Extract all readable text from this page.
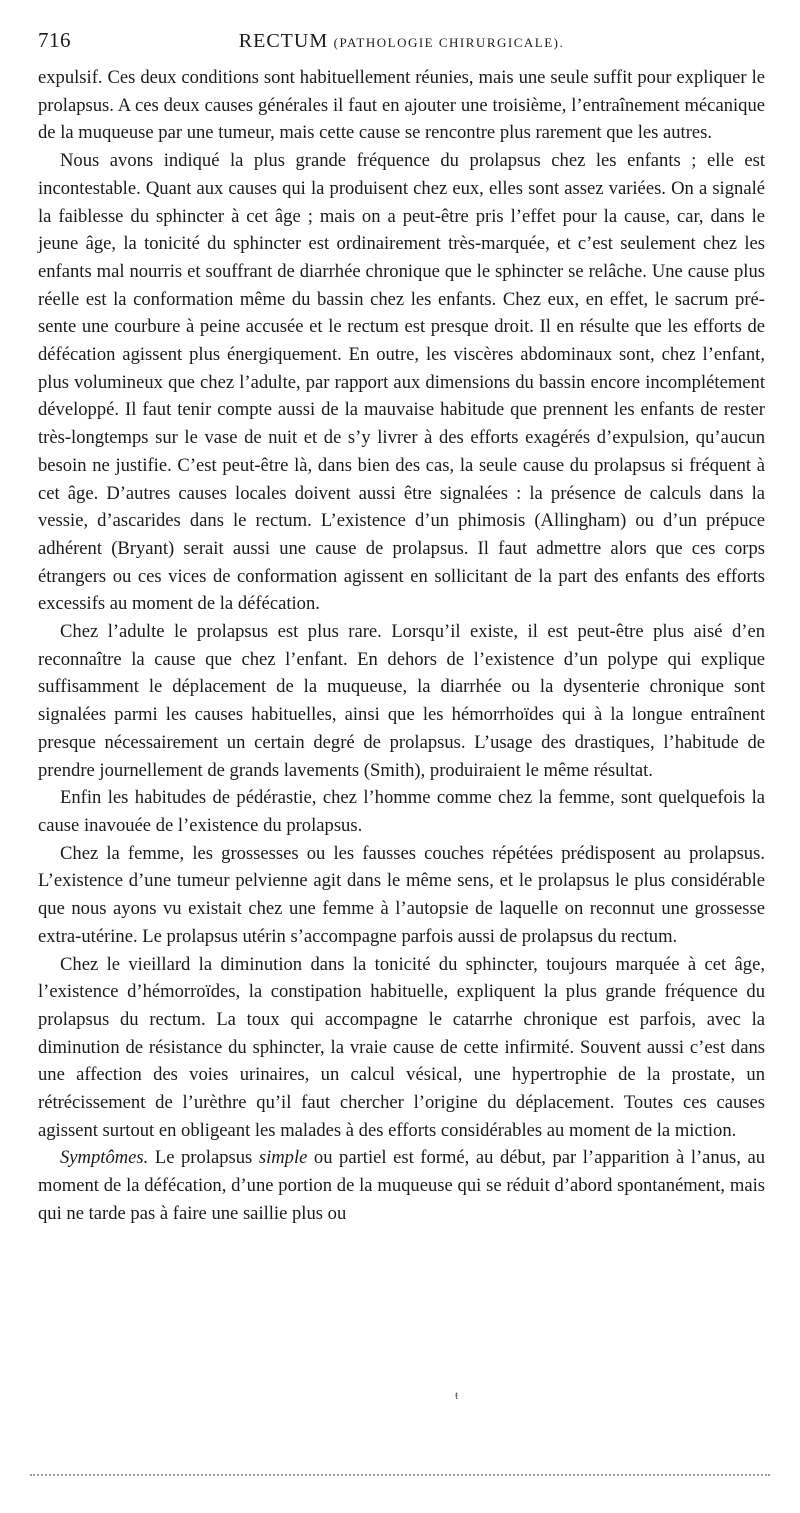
716	RECTUM (PATHOLOGIE CHIRURGICALE).

expulsif. Ces deux conditions sont habituellement réunies, mais une seule suffit pour expliquer le prolapsus. A ces deux causes générales il faut en ajouter une troisième, l’entraînement mécanique de la muqueuse par une tumeur, mais cette cause se rencontre plus rarement que les autres.

Nous avons indiqué la plus grande fréquence du prolapsus chez les enfants ; elle est incontestable. Quant aux causes qui la produisent chez eux, elles sont assez variées. On a signalé la faiblesse du sphincter à cet âge ; mais on a peut-être pris l’effet pour la cause, car, dans le jeune âge, la tonicité du sphincter est ordinairement très-marquée, et c’est seulement chez les enfants mal nourris et souffrant de diarrhée chronique que le sphincter se relâche. Une cause plus réelle est la conformation même du bassin chez les enfants. Chez eux, en effet, le sacrum présente une courbure à peine accusée et le rectum est presque droit. Il en résulte que les efforts de défécation agissent plus énergiquement. En outre, les viscères abdominaux sont, chez l’enfant, plus volumineux que chez l’adulte, par rapport aux dimensions du bassin encore incomplétement développé. Il faut tenir compte aussi de la mauvaise habitude que prennent les enfants de rester très-longtemps sur le vase de nuit et de s’y livrer à des efforts exagérés d’expulsion, qu’aucun besoin ne justifie. C’est peut-être là, dans bien des cas, la seule cause du prolapsus si fréquent à cet âge. D’autres causes locales doivent aussi être signalées : la présence de calculs dans la vessie, d’ascarides dans le rectum. L’existence d’un phimosis (Allingham) ou d’un prépuce adhérent (Bryant) serait aussi une cause de prolapsus. Il faut admettre alors que ces corps étrangers ou ces vices de conformation agissent en sollicitant de la part des enfants des efforts excessifs au moment de la défécation.

Chez l’adulte le prolapsus est plus rare. Lorsqu’il existe, il est peut-être plus aisé d’en reconnaître la cause que chez l’enfant. En dehors de l’existence d’un polype qui explique suffisamment le déplacement de la muqueuse, la diarrhée ou la dysenterie chronique sont signalées parmi les causes habituelles, ainsi que les hémorrhoïdes qui à la longue entraînent presque nécessairement un certain degré de prolapsus. L’usage des drastiques, l’habitude de prendre journellement de grands lavements (Smith), produiraient le même résultat.

Enfin les habitudes de pédérastie, chez l’homme comme chez la femme, sont quelquefois la cause inavouée de l’existence du prolapsus.

Chez la femme, les grossesses ou les fausses couches répétées prédisposent au prolapsus. L’existence d’une tumeur pelvienne agit dans le même sens, et le prolapsus le plus considérable que nous ayons vu existait chez une femme à l’autopsie de laquelle on reconnut une grossesse extra-utérine. Le prolapsus utérin s’accompagne parfois aussi de prolapsus du rectum.

Chez le vieillard la diminution dans la tonicité du sphincter, toujours marquée à cet âge, l’existence d’hémorroïdes, la constipation habituelle, expliquent la plus grande fréquence du prolapsus du rectum. La toux qui accompagne le catarrhe chronique est parfois, avec la diminution de résistance du sphincter, la vraie cause de cette infirmité. Souvent aussi c’est dans une affection des voies urinaires, un calcul vésical, une hypertrophie de la prostate, un rétrécissement de l’urèthre qu’il faut chercher l’origine du déplacement. Toutes ces causes agissent surtout en obligeant les malades à des efforts considérables au moment de la miction.

Symptômes. Le prolapsus simple ou partiel est formé, au début, par l’apparition à l’anus, au moment de la défécation, d’une portion de la muqueuse qui se réduit d’abord spontanément, mais qui ne tarde pas à faire une saillie plus ou

ŧ
